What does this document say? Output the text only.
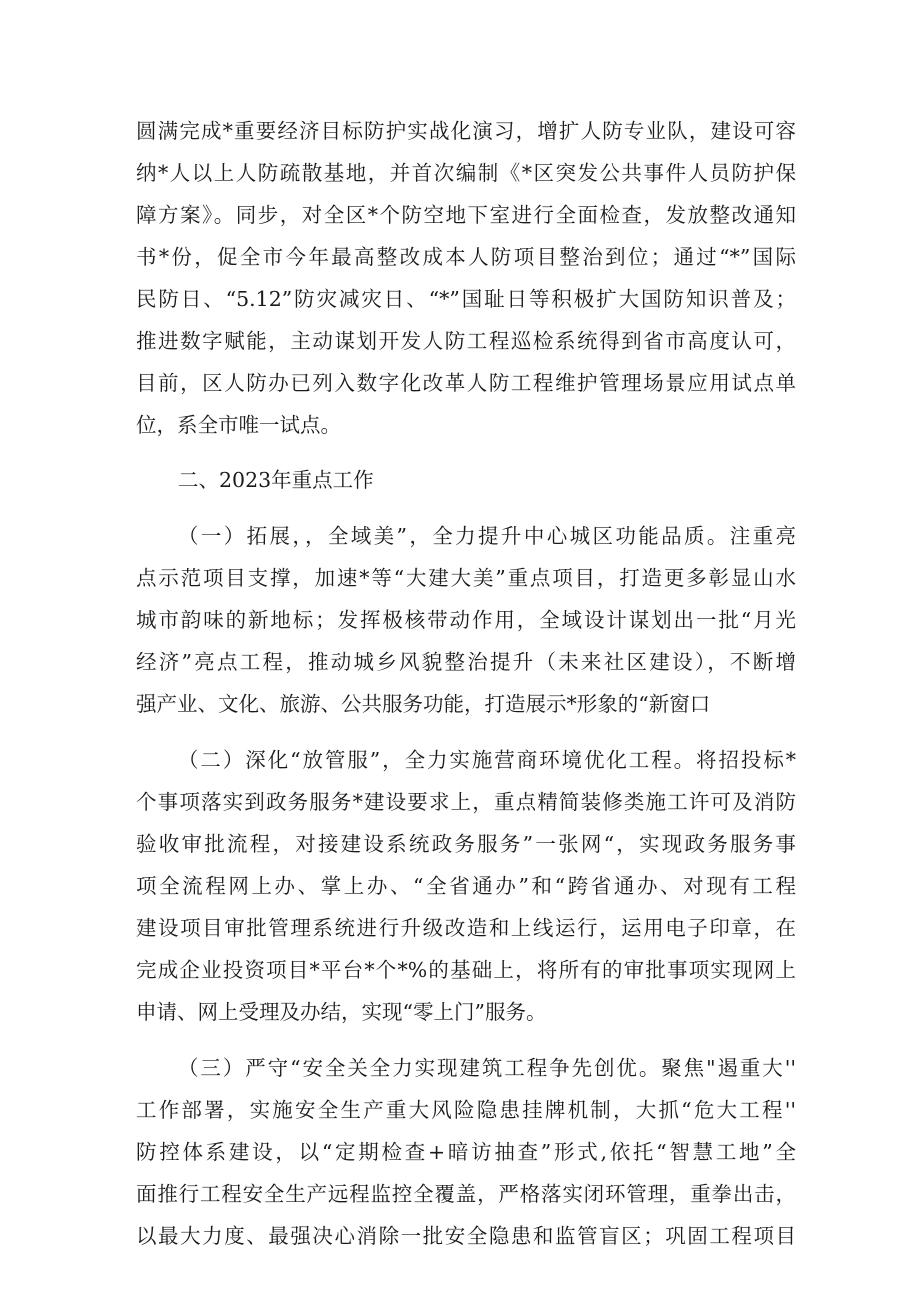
圆满完成*重要经济目标防护实战化演习，增扩人防专业队，建设可容
纳*人以上人防疏散基地，并首次编制《*区突发公共事件人员防护保
障方案》。同步，对全区*个防空地下室进行全面检查，发放整改通知
书*份，促全市今年最高整改成本人防项目整治到位；通过“*”国际
民防日、“5.12”防灾减灾日、“*”国耻日等积极扩大国防知识普及；
推进数字赋能，主动谋划开发人防工程巡检系统得到省市高度认可，
目前，区人防办已列入数字化改革人防工程维护管理场景应用试点单
位，系全市唯一试点。
二、2023年重点工作
（一）拓展，，全域美”，全力提升中心城区功能品质。注重亮
点示范项目支撑，加速*等“大建大美”重点项目，打造更多彰显山水
城市韵味的新地标；发挥极核带动作用，全域设计谋划出一批“月光
经济”亮点工程，推动城乡风貌整治提升（未来社区建设），不断增
强产业、文化、旅游、公共服务功能，打造展示*形象的“新窗口
（二）深化“放管服”，全力实施营商环境优化工程。将招投标*
个事项落实到政务服务*建设要求上，重点精简装修类施工许可及消防
验收审批流程，对接建设系统政务服务”一张网“，实现政务服务事
项全流程网上办、掌上办、“全省通办”和“跨省通办、对现有工程
建设项目审批管理系统进行升级改造和上线运行，运用电子印章，在
完成企业投资项目*平台*个*%的基础上，将所有的审批事项实现网上
申请、网上受理及办结，实现“零上门”服务。
（三）严守“安全关全力实现建筑工程争先创优。聚焦"遏重大''
工作部署，实施安全生产重大风险隐患挂牌机制，大抓“危大工程''
防控体系建设，以“定期检查+暗访抽查”形式,依托“智慧工地”全
面推行工程安全生产远程监控全覆盖，严格落实闭环管理，重拳出击，
以最大力度、最强决心消除一批安全隐患和监管盲区；巩固工程项目
